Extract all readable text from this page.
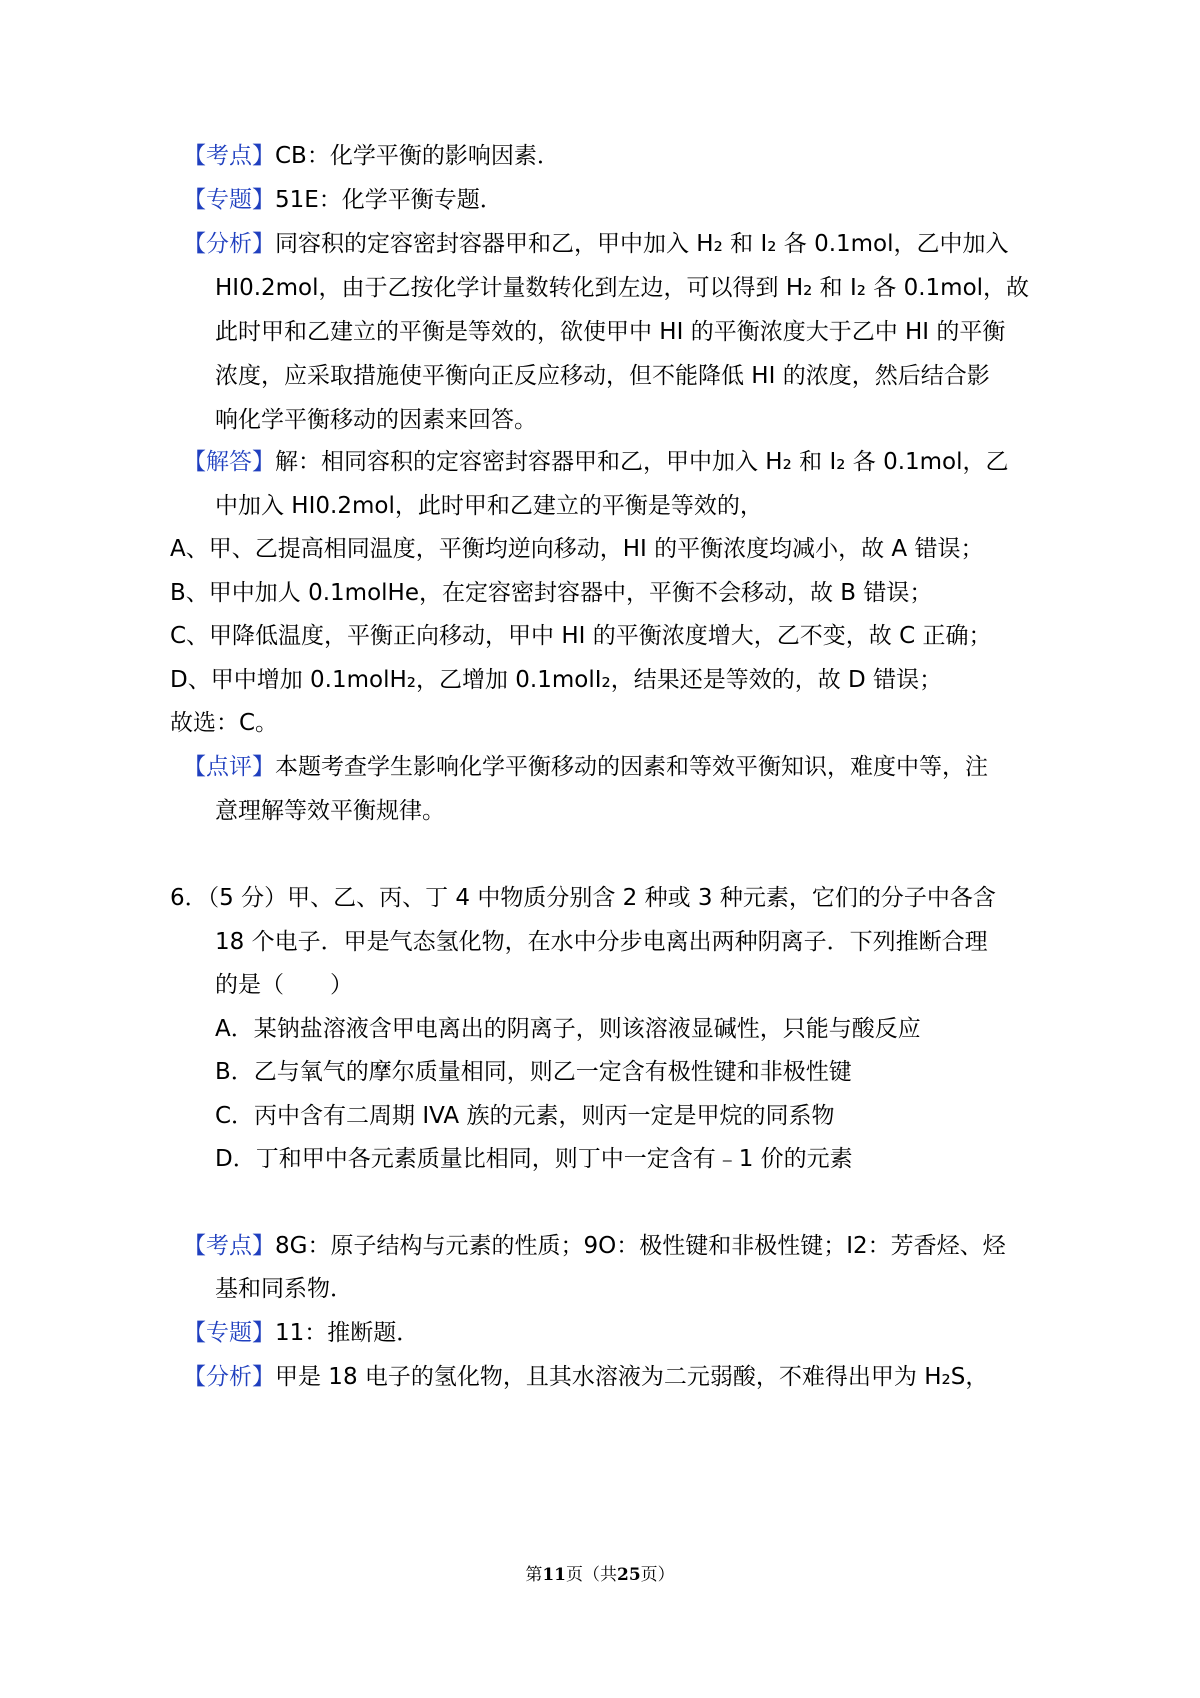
【考点】CB：化学平衡的影响因素．
【专题】51E：化学平衡专题．
【分析】同容积的定容密封容器甲和乙，甲中加入 H₂ 和 I₂ 各 0.1mol，乙中加入
HI0.2mol，由于乙按化学计量数转化到左边，可以得到 H₂ 和 I₂ 各 0.1mol，故
此时甲和乙建立的平衡是等效的，欲使甲中 HI 的平衡浓度大于乙中 HI 的平衡
浓度，应采取措施使平衡向正反应移动，但不能降低 HI 的浓度，然后结合影
响化学平衡移动的因素来回答。
【解答】解：相同容积的定容密封容器甲和乙，甲中加入 H₂ 和 I₂ 各 0.1mol，乙
中加入 HI0.2mol，此时甲和乙建立的平衡是等效的，
A、甲、乙提高相同温度，平衡均逆向移动，HI 的平衡浓度均减小，故 A 错误；
B、甲中加人 0.1molHe，在定容密封容器中，平衡不会移动，故 B 错误；
C、甲降低温度，平衡正向移动，甲中 HI 的平衡浓度增大，乙不变，故 C 正确；
D、甲中增加 0.1molH₂，乙增加 0.1molI₂，结果还是等效的，故 D 错误；
故选：C。
【点评】本题考查学生影响化学平衡移动的因素和等效平衡知识，难度中等，注
意理解等效平衡规律。
6．（5 分）甲、乙、丙、丁 4 中物质分别含 2 种或 3 种元素，它们的分子中各含
18 个电子．甲是气态氢化物，在水中分步电离出两种阴离子．下列推断合理
的是（　　）
A．某钠盐溶液含甲电离出的阴离子，则该溶液显碱性，只能与酸反应
B．乙与氧气的摩尔质量相同，则乙一定含有极性键和非极性键
C．丙中含有二周期 IVA 族的元素，则丙一定是甲烷的同系物
D．丁和甲中各元素质量比相同，则丁中一定含有﹣1 价的元素
【考点】8G：原子结构与元素的性质；9O：极性键和非极性键；I2：芳香烃、烃
基和同系物．
【专题】11：推断题．
【分析】甲是 18 电子的氢化物，且其水溶液为二元弱酸，不难得出甲为 H₂S，
第11页（共25页）
